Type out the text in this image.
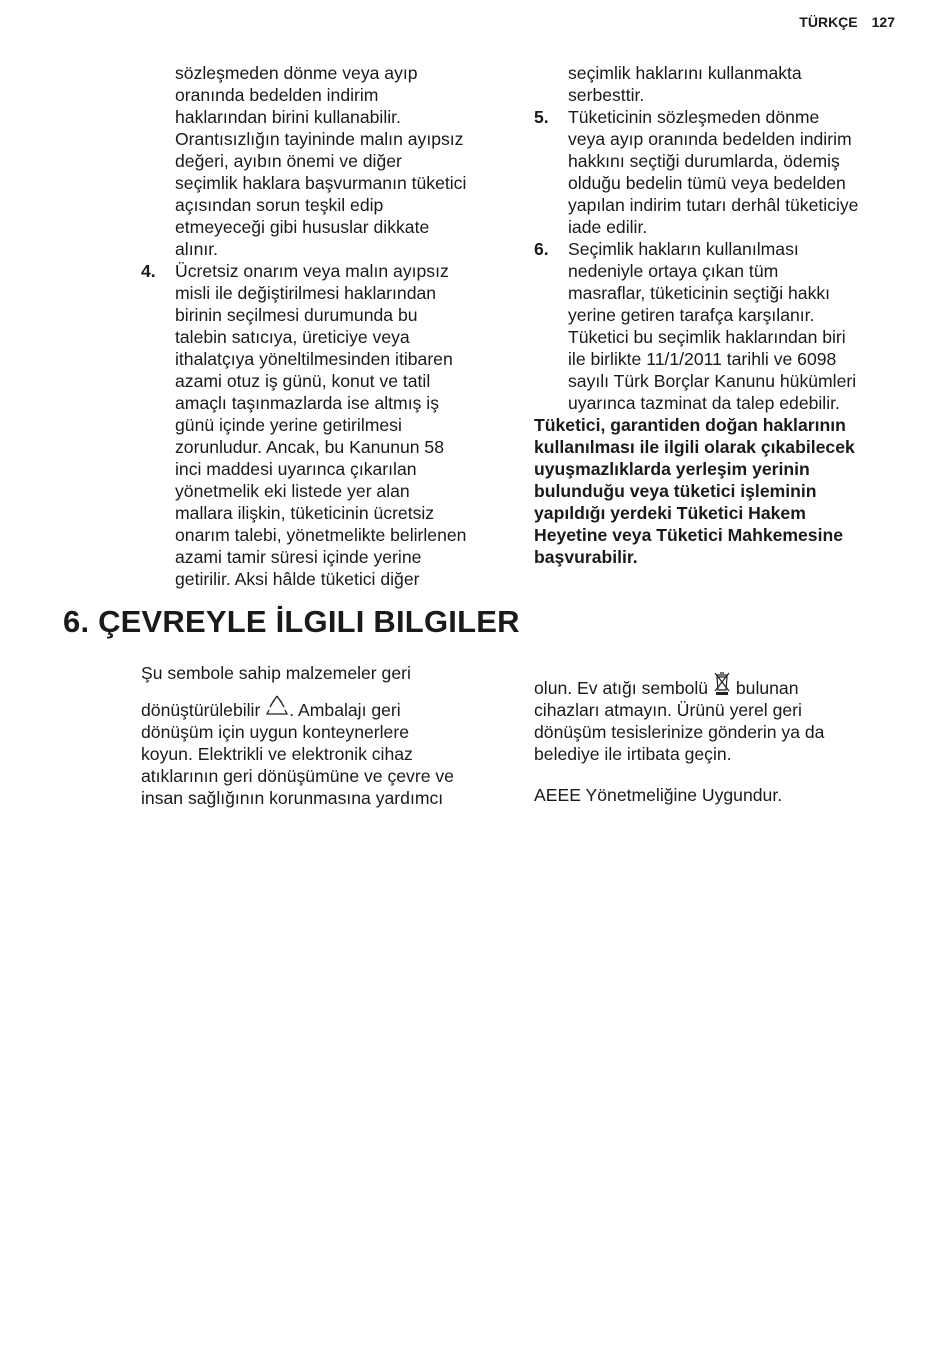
TÜRKÇE 127

sözleşmeden dönme veya ayıp
oranında bedelden indirim
haklarından birini kullanabilir.
Orantısızlığın tayininde malın ayıpsız
değeri, ayıbın önemi ve diğer
seçimlik haklara başvurmanın tüketici
açısından sorun teşkil edip
etmeyeceği gibi hususlar dikkate
alınır.

4. Ücretsiz onarım veya malın ayıpsız
misli ile değiştirilmesi haklarından
birinin seçilmesi durumunda bu
talebin satıcıya, üreticiye veya
ithalatçıya yöneltilmesinden itibaren
azami otuz iş günü, konut ve tatil
amaçlı taşınmazlarda ise altmış iş
günü içinde yerine getirilmesi
zorunludur. Ancak, bu Kanunun 58
inci maddesi uyarınca çıkarılan
yönetmelik eki listede yer alan
mallara ilişkin, tüketicinin ücretsiz
onarım talebi, yönetmelikte belirlenen
azami tamir süresi içinde yerine
getirilir. Aksi hâlde tüketici diğer

seçimlik haklarını kullanmakta
serbesttir.

5. Tüketicinin sözleşmeden dönme
veya ayıp oranında bedelden indirim
hakkını seçtiği durumlarda, ödemiş
olduğu bedelin tümü veya bedelden
yapılan indirim tutarı derhâl tüketiciye
iade edilir.

6. Seçimlik hakların kullanılması
nedeniyle ortaya çıkan tüm
masraflar, tüketicinin seçtiği hakkı
yerine getiren tarafça karşılanır.
Tüketici bu seçimlik haklarından biri
ile birlikte 11/1/2011 tarihli ve 6098
sayılı Türk Borçlar Kanunu hükümleri
uyarınca tazminat da talep edebilir.

Tüketici, garantiden doğan haklarının
kullanılması ile ilgili olarak çıkabilecek
uyuşmazlıklarda yerleşim yerinin
bulunduğu veya tüketici işleminin
yapıldığı yerdeki Tüketici Hakem
Heyetine veya Tüketici Mahkemesine
başvurabilir.

6. ÇEVREYLE İLGILI BILGILER

Şu sembole sahip malzemeler geri

dönüştürülebilir . Ambalajı geri

dönüşüm için uygun konteynerlere
koyun. Elektrikli ve elektronik cihaz
atıklarının geri dönüşümüne ve çevre ve
insan sağlığının korunmasına yardımcı

olun. Ev atığı sembolü  bulunan

cihazları atmayın. Ürünü yerel geri
dönüşüm tesislerinize gönderin ya da
belediye ile irtibata geçin.

AEEE Yönetmeliğine Uygundur.
